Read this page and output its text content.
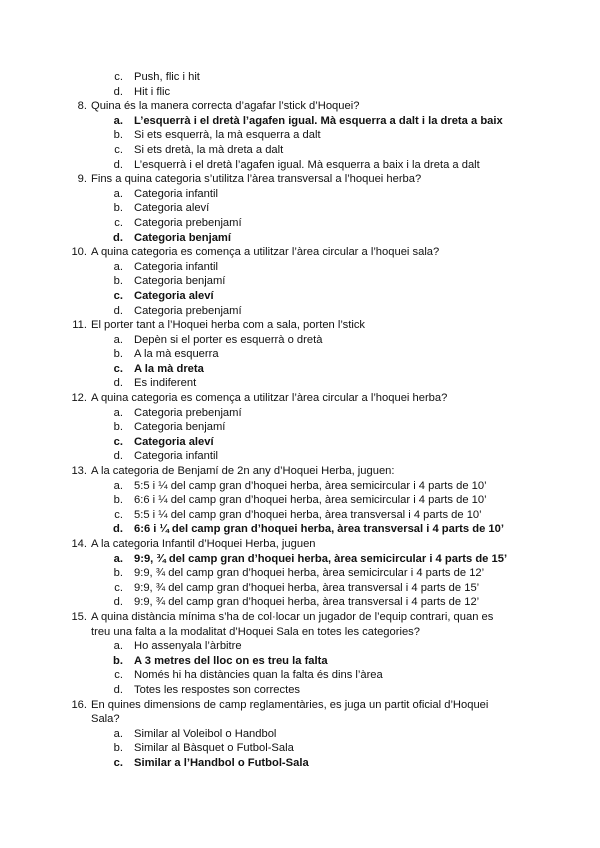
c. Push, flic i hit
d. Hit i flic
8. Quina és la manera correcta d’agafar l’stick d’Hoquei?
a. L’esquerrà i el dretà l’agafen igual. Mà esquerra a dalt i la dreta a baix
b. Si ets esquerrà, la mà esquerra a dalt
c. Si ets dretà, la mà dreta a dalt
d. L’esquerrà i el dretà l’agafen igual. Mà esquerra a baix i la dreta a dalt
9. Fins a quina categoria s’utilitza l’àrea transversal a l’hoquei herba?
a. Categoria infantil
b. Categoria aleví
c. Categoria prebenjamí
d. Categoria benjamí
10. A quina categoria es comença a utilitzar l’àrea circular a l’hoquei sala?
a. Categoria infantil
b. Categoria benjamí
c. Categoria aleví
d. Categoria prebenjamí
11. El porter tant a l’Hoquei herba com a sala, porten l’stick
a. Depèn si el porter es esquerrà o dretà
b. A la mà esquerra
c. A la mà dreta
d. Es indiferent
12. A quina categoria es comença a utilitzar l’àrea circular a l’hoquei herba?
a. Categoria prebenjamí
b. Categoria benjamí
c. Categoria aleví
d. Categoria infantil
13. A la categoria de Benjamí de 2n any d’Hoquei Herba, juguen:
a. 5:5 i ¼ del camp gran d’hoquei herba, àrea semicircular i 4 parts de 10’
b. 6:6 i ¼ del camp gran d’hoquei herba, àrea semicircular i 4 parts de 10’
c. 5:5 i ¼ del camp gran d’hoquei herba, àrea transversal i 4 parts de 10’
d. 6:6 i ¼ del camp gran d’hoquei herba, àrea transversal i 4 parts de 10’
14. A la categoria Infantil d’Hoquei Herba, juguen
a. 9:9, ¾ del camp gran d’hoquei herba, àrea semicircular i 4 parts de 15’
b. 9:9, ¾ del camp gran d’hoquei herba, àrea semicircular i 4 parts de 12’
c. 9:9, ¾ del camp gran d’hoquei herba, àrea transversal i 4 parts de 15’
d. 9:9, ¾ del camp gran d’hoquei herba, àrea transversal i 4 parts de 12’
15. A quina distància mínima s’ha de col·locar un jugador de l’equip contrari, quan es treu una falta a la modalitat d’Hoquei Sala en totes les categories?
a. Ho assenyala l’àrbitre
b. A 3 metres del lloc on es treu la falta
c. Només hi ha distàncies quan la falta és dins l’àrea
d. Totes les respostes son correctes
16. En quines dimensions de camp reglamentàries, es juga un partit oficial d’Hoquei Sala?
a. Similar al Voleibol o Handbol
b. Similar al Bàsquet o Futbol-Sala
c. Similar a l’Handbol o Futbol-Sala
